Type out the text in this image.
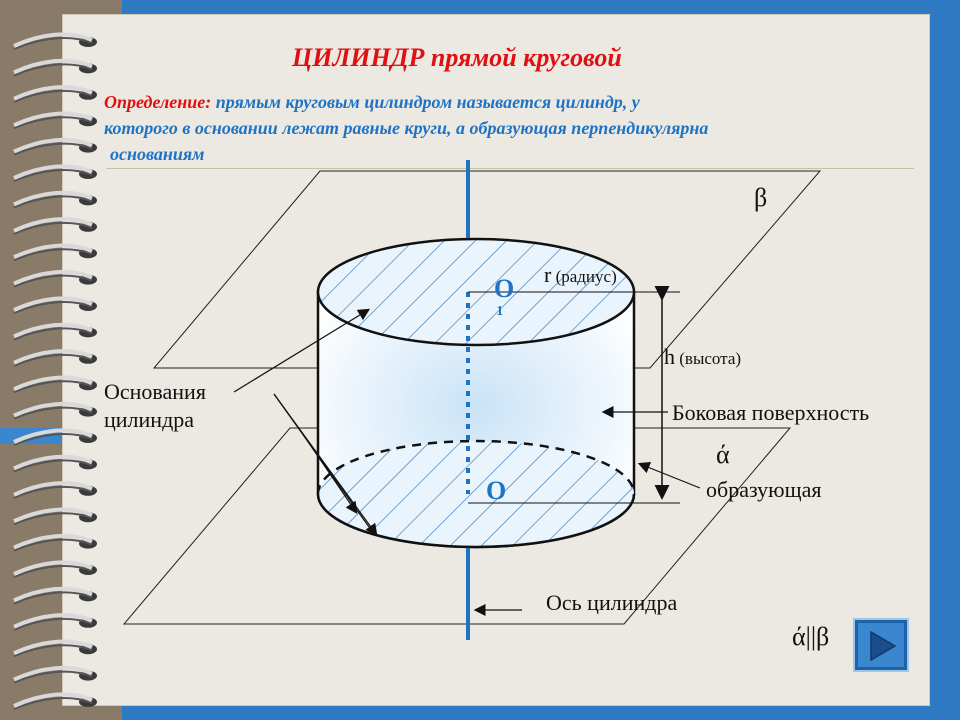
ЦИЛИНДР прямой круговой

Определение: прямым круговым цилиндром называется цилиндр, у
которого в основании лежат равные круги, а образующая перпендикулярна
основаниям

β

r (радиус)

h (высота)

Основания
цилиндра	Боковая поверхность

ά

образующая

Ось цилиндра

ά||β

$O_1$

O
